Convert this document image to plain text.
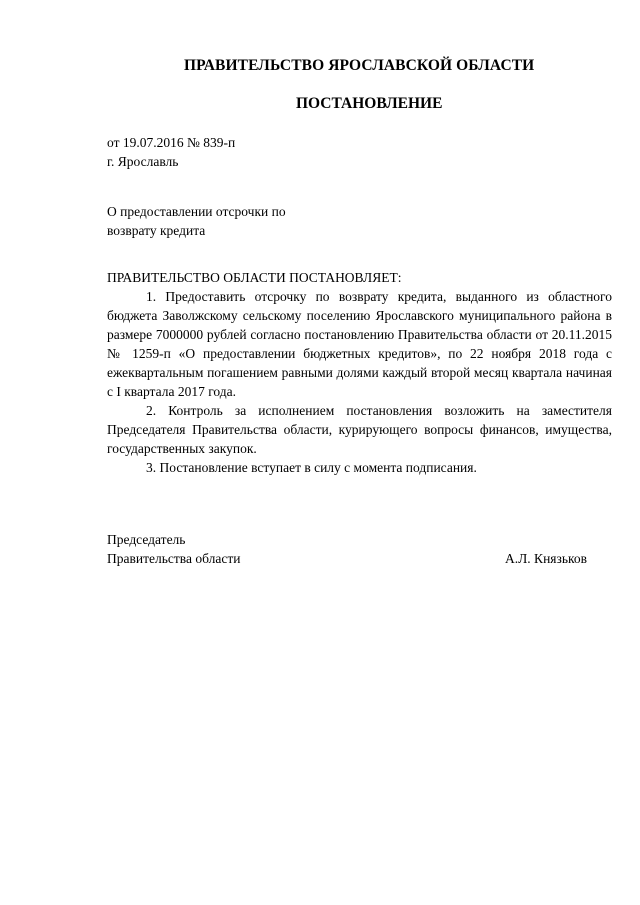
ПРАВИТЕЛЬСТВО ЯРОСЛАВСКОЙ ОБЛАСТИ
ПОСТАНОВЛЕНИЕ
от 19.07.2016 № 839-п
г. Ярославль
О предоставлении отсрочки по
возврату кредита
ПРАВИТЕЛЬСТВО ОБЛАСТИ ПОСТАНОВЛЯЕТ:

1. Предоставить отсрочку по возврату кредита, выданного из областного бюджета Заволжскому сельскому поселению Ярославского муниципального района в размере 7000000 рублей согласно постановлению Правительства области от 20.11.2015 № 1259-п «О предоставлении бюджетных кредитов», по 22 ноября 2018 года с ежеквартальным погашением равными долями каждый второй месяц квартала начиная с I квартала 2017 года.

2. Контроль за исполнением постановления возложить на заместителя Председателя Правительства области, курирующего вопросы финансов, имущества, государственных закупок.

3. Постановление вступает в силу с момента подписания.

Председатель
Правительства области	А.Л. Князьков
